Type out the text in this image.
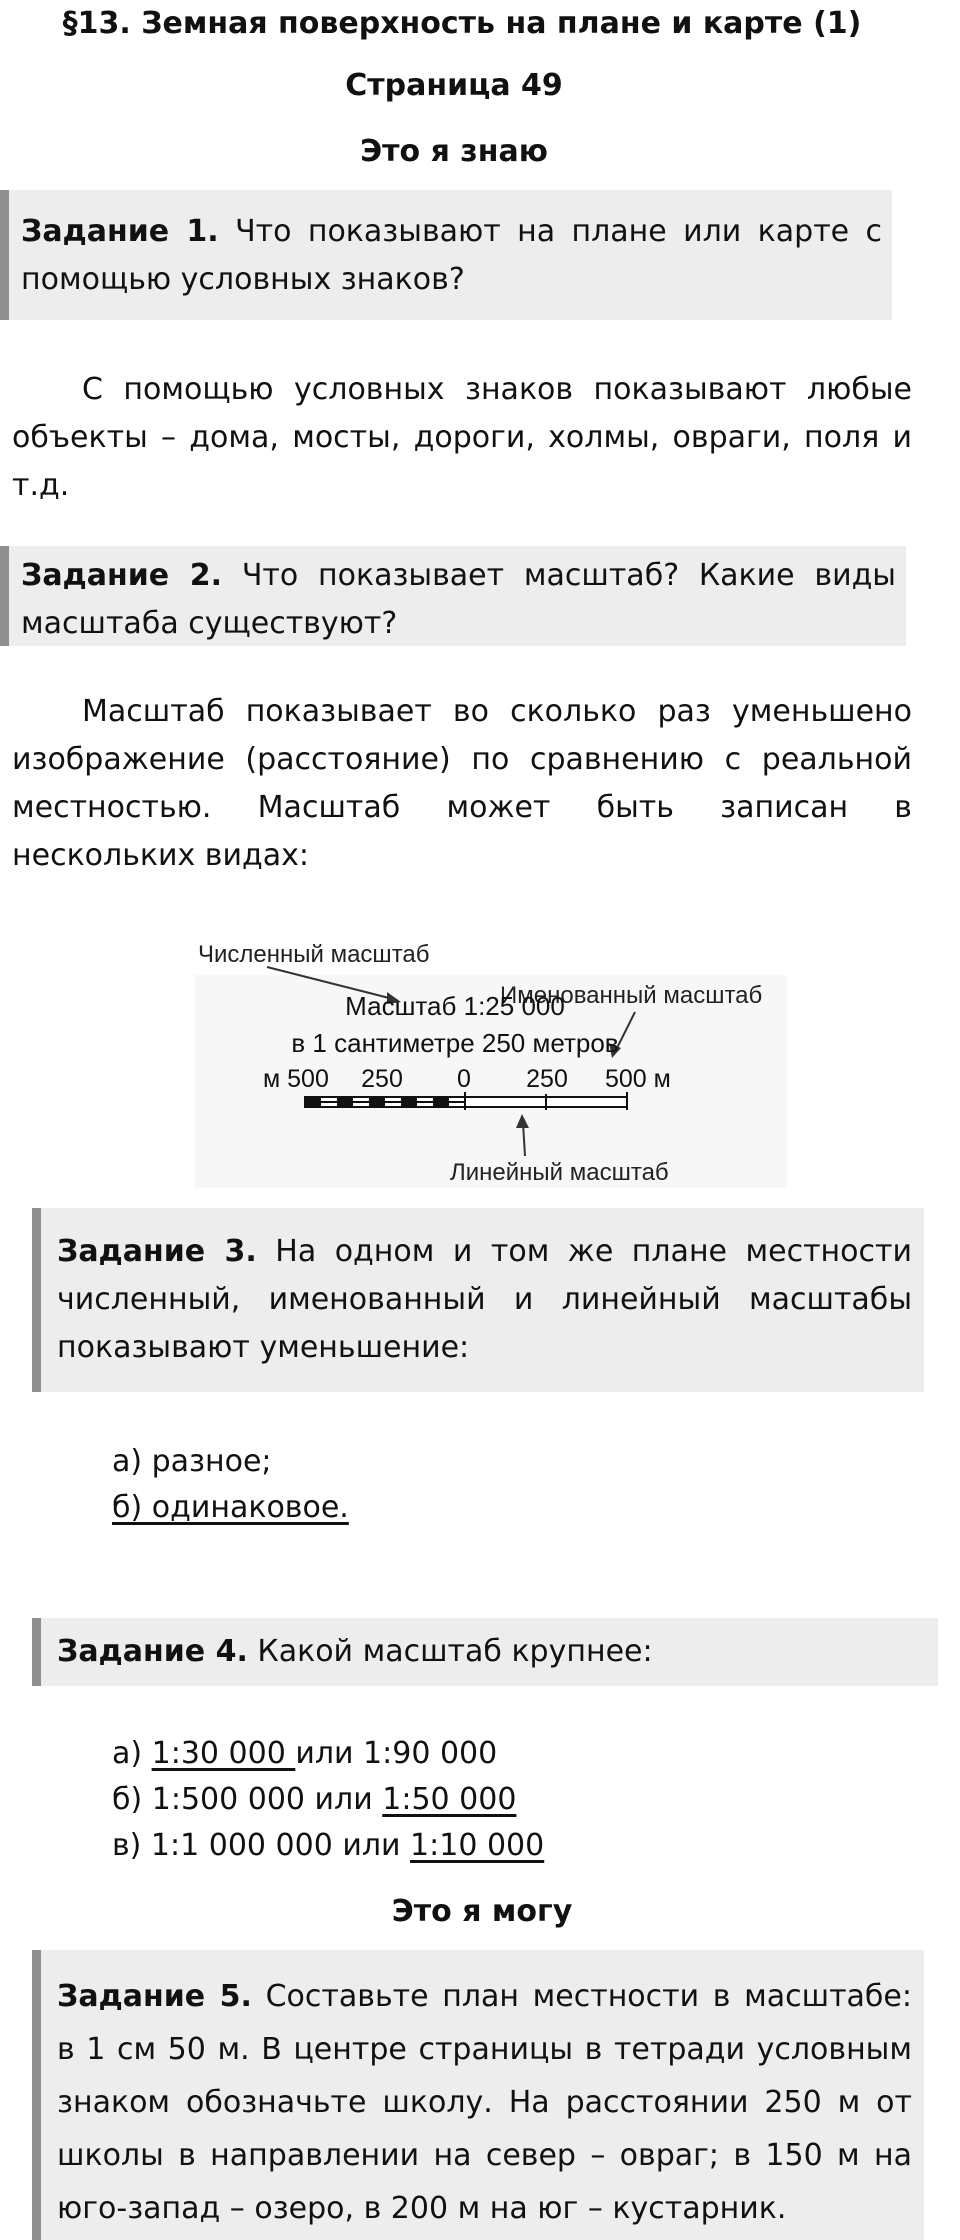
§13. Земная поверхность на плане и карте (1)
Страница 49
Это я знаю
Задание 1. Что показывают на плане или карте с помощью условных знаков?
С помощью условных знаков показывают любые объекты – дома, мосты, дороги, холмы, овраги, поля и т.д.
Задание 2. Что показывает масштаб? Какие виды масштаба существуют?
Масштаб показывает во сколько раз уменьшено изображение (расстояние) по сравнению с реальной местностью. Масштаб может быть записан в нескольких видах:
Численный масштаб
Именованный масштаб
Масштаб 1:25 000
в 1 сантиметре 250 метров
м 500 250 0 250 500 м
Линейный масштаб
Задание 3. На одном и том же плане местности численный, именованный и линейный масштабы показывают уменьшение:
а) разное;
б) одинаковое.
Задание 4. Какой масштаб крупнее:
а) 1:30 000 или 1:90 000
б) 1:500 000 или 1:50 000
в) 1:1 000 000 или 1:10 000
Это я могу
Задание 5. Составьте план местности в масштабе: в 1 см 50 м. В центре страницы в тетради условным знаком обозначьте школу. На расстоянии 250 м от школы в направлении на север – овраг; в 150 м на юго-запад – озеро, в 200 м на юг – кустарник.
